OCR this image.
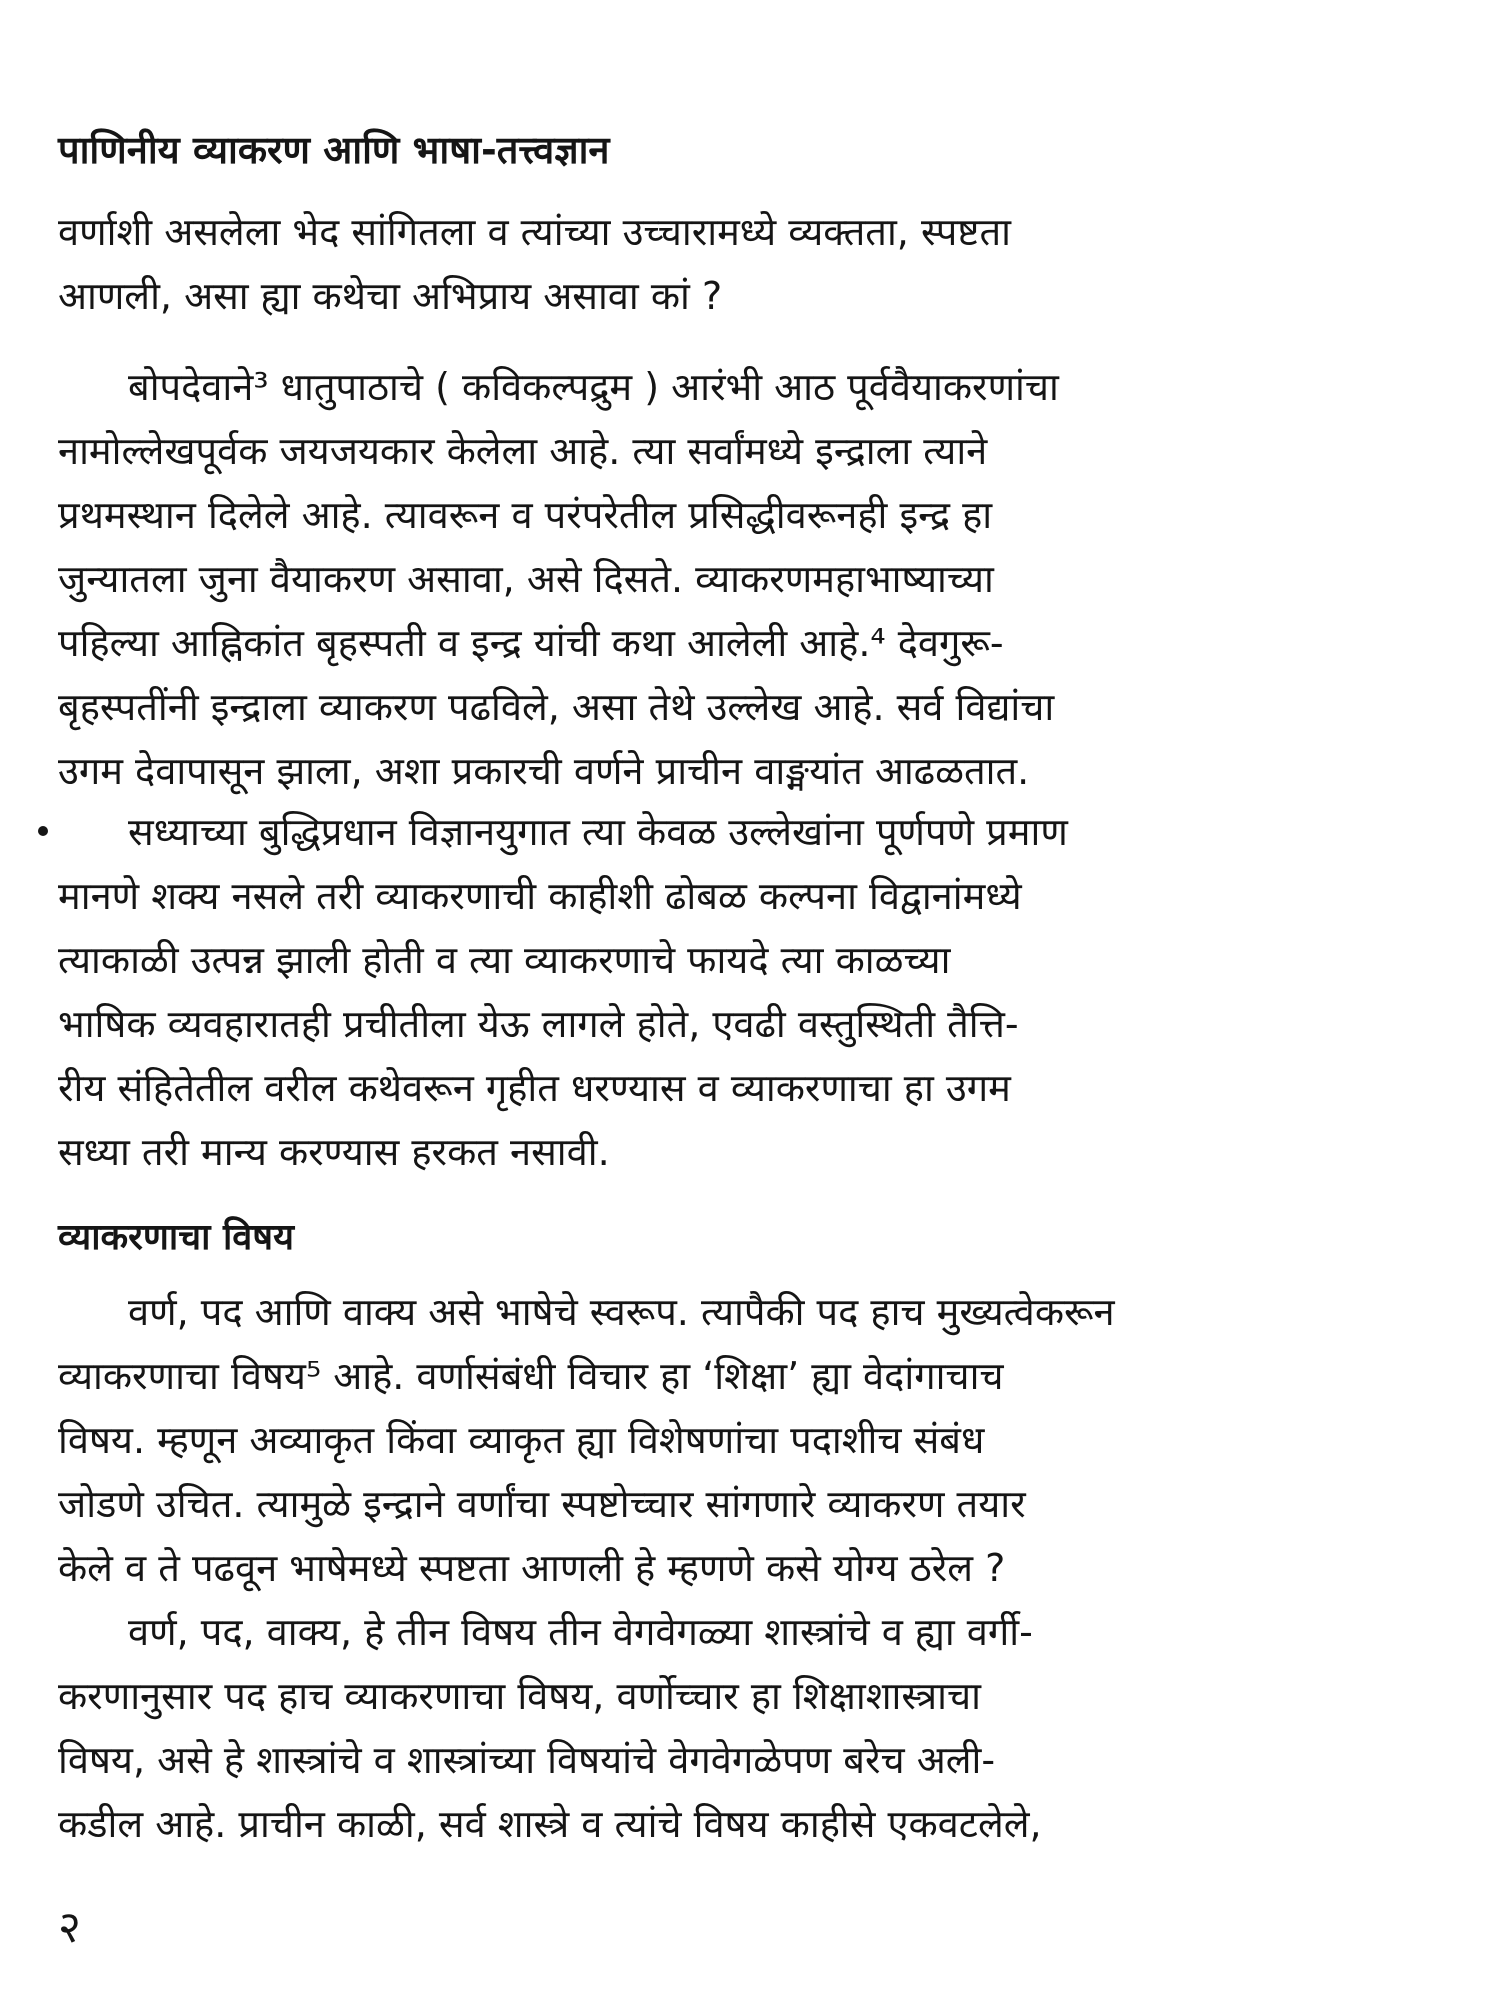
पाणिनीय व्याकरण आणि भाषा-तत्त्वज्ञान
वर्णाशी असलेला भेद सांगितला व त्यांच्या उच्चारामध्ये व्यक्तता, स्पष्टता
आणली, असा ह्या कथेचा अभिप्राय असावा कां ?
बोपदेवाने³ धातुपाठाचे ( कविकल्पद्रुम ) आरंभी आठ पूर्ववैयाकरणांचा
नामोल्लेखपूर्वक जयजयकार केलेला आहे. त्या सर्वांमध्ये इन्द्राला त्याने
प्रथमस्थान दिलेले आहे. त्यावरून व परंपरेतील प्रसिद्धीवरूनही इन्द्र हा
जुन्यातला जुना वैयाकरण असावा, असे दिसते. व्याकरणमहाभाष्याच्या
पहिल्या आह्निकांत बृहस्पती व इन्द्र यांची कथा आलेली आहे.⁴ देवगुरू-
बृहस्पतींनी इन्द्राला व्याकरण पढविले, असा तेथे उल्लेख आहे. सर्व विद्यांचा
उगम देवापासून झाला, अशा प्रकारची वर्णने प्राचीन वाङ्मयांत आढळतात.
सध्याच्या बुद्धिप्रधान विज्ञानयुगात त्या केवळ उल्लेखांना पूर्णपणे प्रमाण
मानणे शक्य नसले तरी व्याकरणाची काहीशी ढोबळ कल्पना विद्वानांमध्ये
त्याकाळी उत्पन्न झाली होती व त्या व्याकरणाचे फायदे त्या काळच्या
भाषिक व्यवहारातही प्रचीतीला येऊ लागले होते, एवढी वस्तुस्थिती तैत्ति-
रीय संहितेतील वरील कथेवरून गृहीत धरण्यास व व्याकरणाचा हा उगम
सध्या तरी मान्य करण्यास हरकत नसावी.
व्याकरणाचा विषय
वर्ण, पद आणि वाक्य असे भाषेचे स्वरूप. त्यापैकी पद हाच मुख्यत्वेकरून
व्याकरणाचा विषय⁵ आहे. वर्णासंबंधी विचार हा ‘शिक्षा’ ह्या वेदांगाचाच
विषय. म्हणून अव्याकृत किंवा व्याकृत ह्या विशेषणांचा पदाशीच संबंध
जोडणे उचित. त्यामुळे इन्द्राने वर्णांचा स्पष्टोच्चार सांगणारे व्याकरण तयार
केले व ते पढवून भाषेमध्ये स्पष्टता आणली हे म्हणणे कसे योग्य ठरेल ?
वर्ण, पद, वाक्य, हे तीन विषय तीन वेगवेगळ्या शास्त्रांचे व ह्या वर्गी-
करणानुसार पद हाच व्याकरणाचा विषय, वर्णोच्चार हा शिक्षाशास्त्राचा
विषय, असे हे शास्त्रांचे व शास्त्रांच्या विषयांचे वेगवेगळेपण बरेच अली-
कडील आहे. प्राचीन काळी, सर्व शास्त्रे व त्यांचे विषय काहीसे एकवटलेले,
२
